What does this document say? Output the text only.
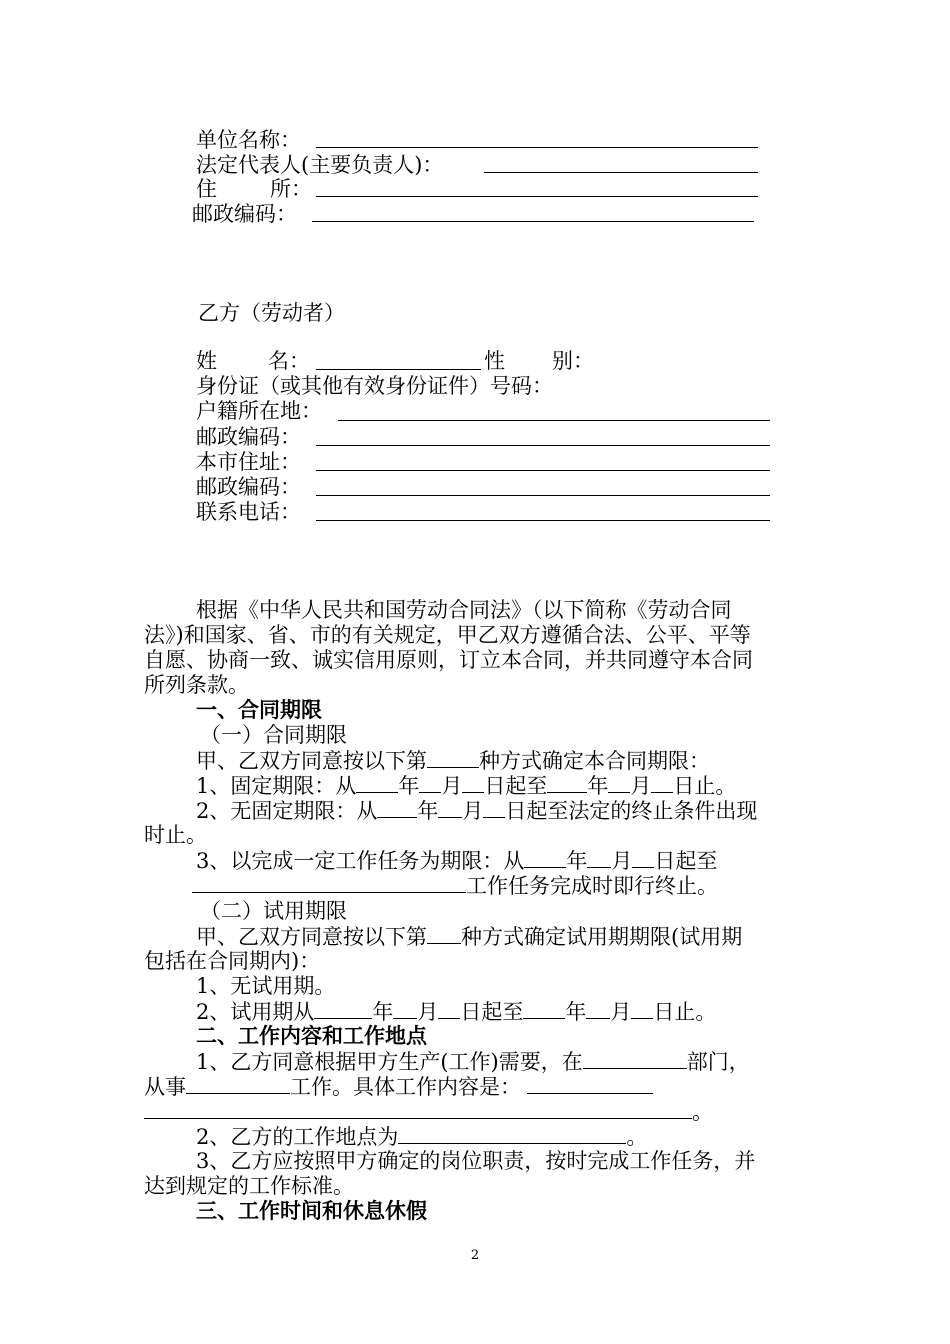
单位名称：
法定代表人(主要负责人)：
住	所：
邮政编码：
乙方（劳动者）
姓 名：	性 别：
身份证（或其他有效身份证件）号码：
户籍所在地：
邮政编码：
本市住址：
邮政编码：
联系电话：
根据《中华人民共和国劳动合同法》（以下简称《劳动合同
法》)和国家、省、市的有关规定，甲乙双方遵循合法、公平、平等
自愿、协商一致、诚实信用原则，订立本合同，并共同遵守本合同
所列条款。
一、合同期限
（一）合同期限
甲、乙双方同意按以下第 种方式确定本合同期限：
1、固定期限：从 年 月 日起至 年 月 日止。
2、无固定期限：从 年 月 日起至法定的终止条件出现
时止。
3、以完成一定工作任务为期限：从 年 月 日起至
工作任务完成时即行终止。
（二）试用期限
甲、乙双方同意按以下第 种方式确定试用期期限(试用期
包括在合同期内)：
1、无试用期。
2、试用期从	年 月 日起至 年 月 日止。
二、工作内容和工作地点
1、乙方同意根据甲方生产(工作)需要，在	部门，
从事	工作。具体工作内容是：
。
2、乙方的工作地点为	。
3、乙方应按照甲方确定的岗位职责，按时完成工作任务，并
达到规定的工作标准。
三、工作时间和休息休假
2
